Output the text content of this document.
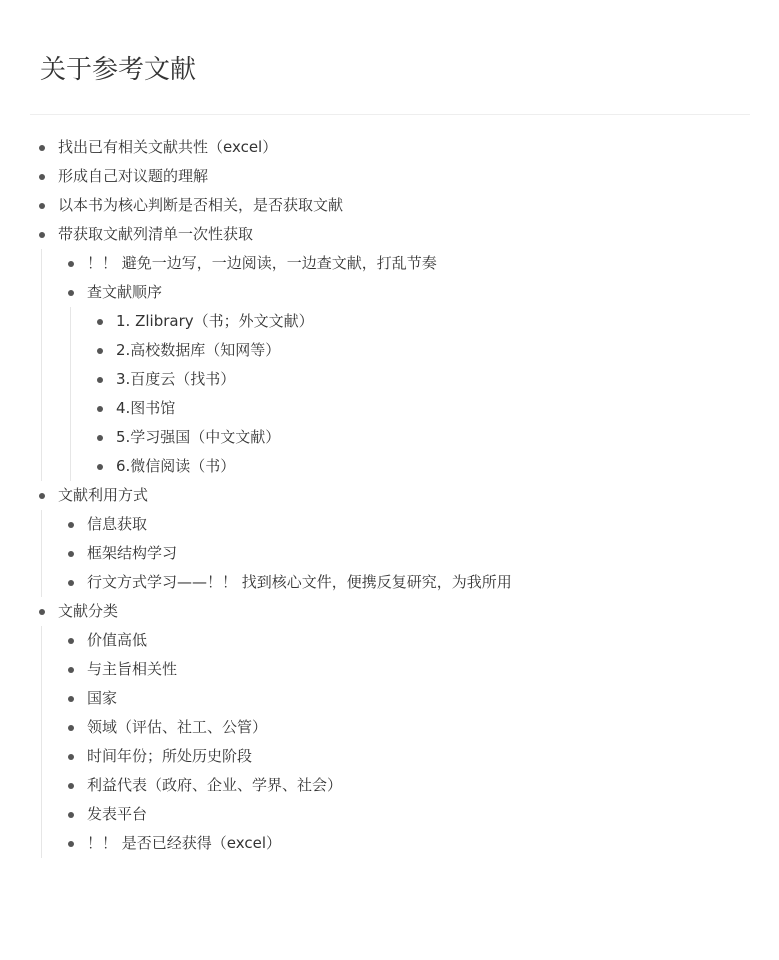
关于参考文献
找出已有相关文献共性（excel）
形成自己对议题的理解
以本书为核心判断是否相关，是否获取文献
带获取文献列清单一次性获取
！！ 避免一边写，一边阅读，一边查文献，打乱节奏
查文献顺序
1. Zlibrary（书；外文文献）
2.高校数据库（知网等）
3.百度云（找书）
4.图书馆
5.学习强国（中文文献）
6.微信阅读（书）
文献利用方式
信息获取
框架结构学习
行文方式学习——！！ 找到核心文件，便携反复研究，为我所用
文献分类
价值高低
与主旨相关性
国家
领域（评估、社工、公管）
时间年份；所处历史阶段
利益代表（政府、企业、学界、社会）
发表平台
！！ 是否已经获得（excel）
